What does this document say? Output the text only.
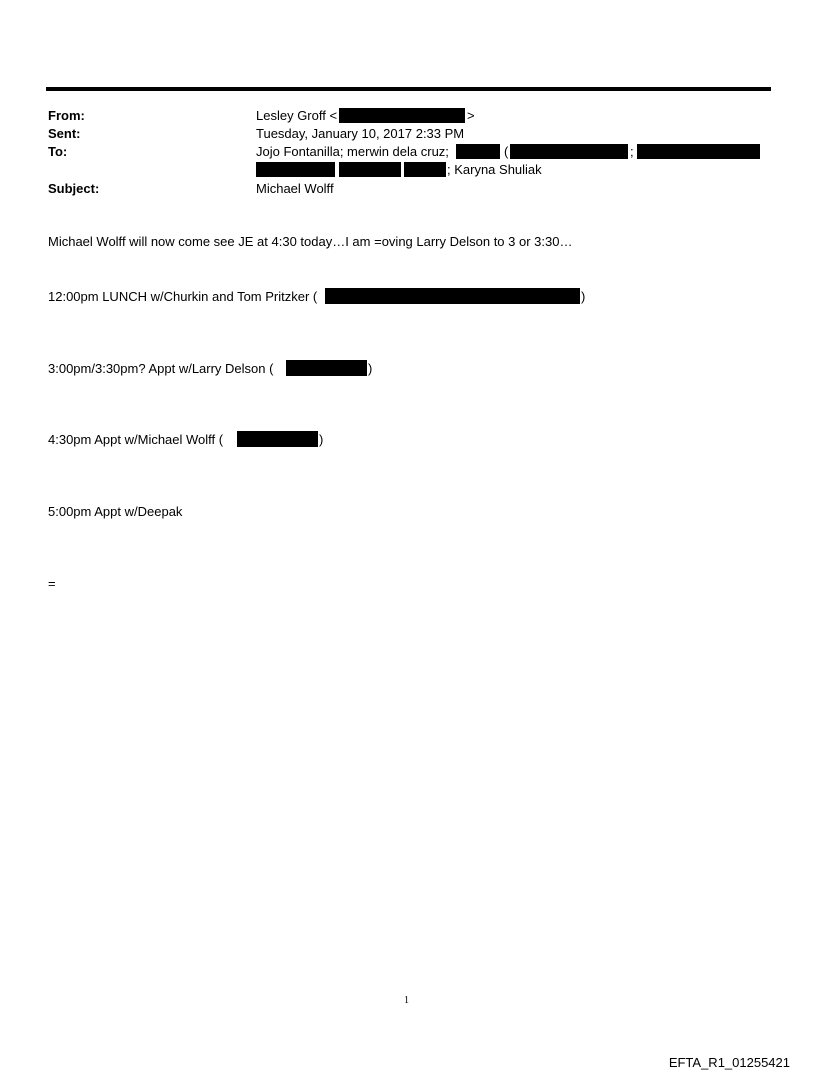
From:	Lesley Groff <	>
Sent:	Tuesday, January 10, 2017 2:33 PM
To:	Jojo Fontanilla; merwin dela cruz;	(	;
; Karyna Shuliak
Subject:	Michael Wolff
Michael Wolff will now come see JE at 4:30 today…I am =oving Larry Delson to 3 or 3:30…
12:00pm LUNCH w/Churkin and Tom Pritzker (	)
3:00pm/3:30pm? Appt w/Larry Delson (	)
4:30pm Appt w/Michael Wolff (	)
5:00pm Appt w/Deepak
=
1
EFTA_R1_01255421
